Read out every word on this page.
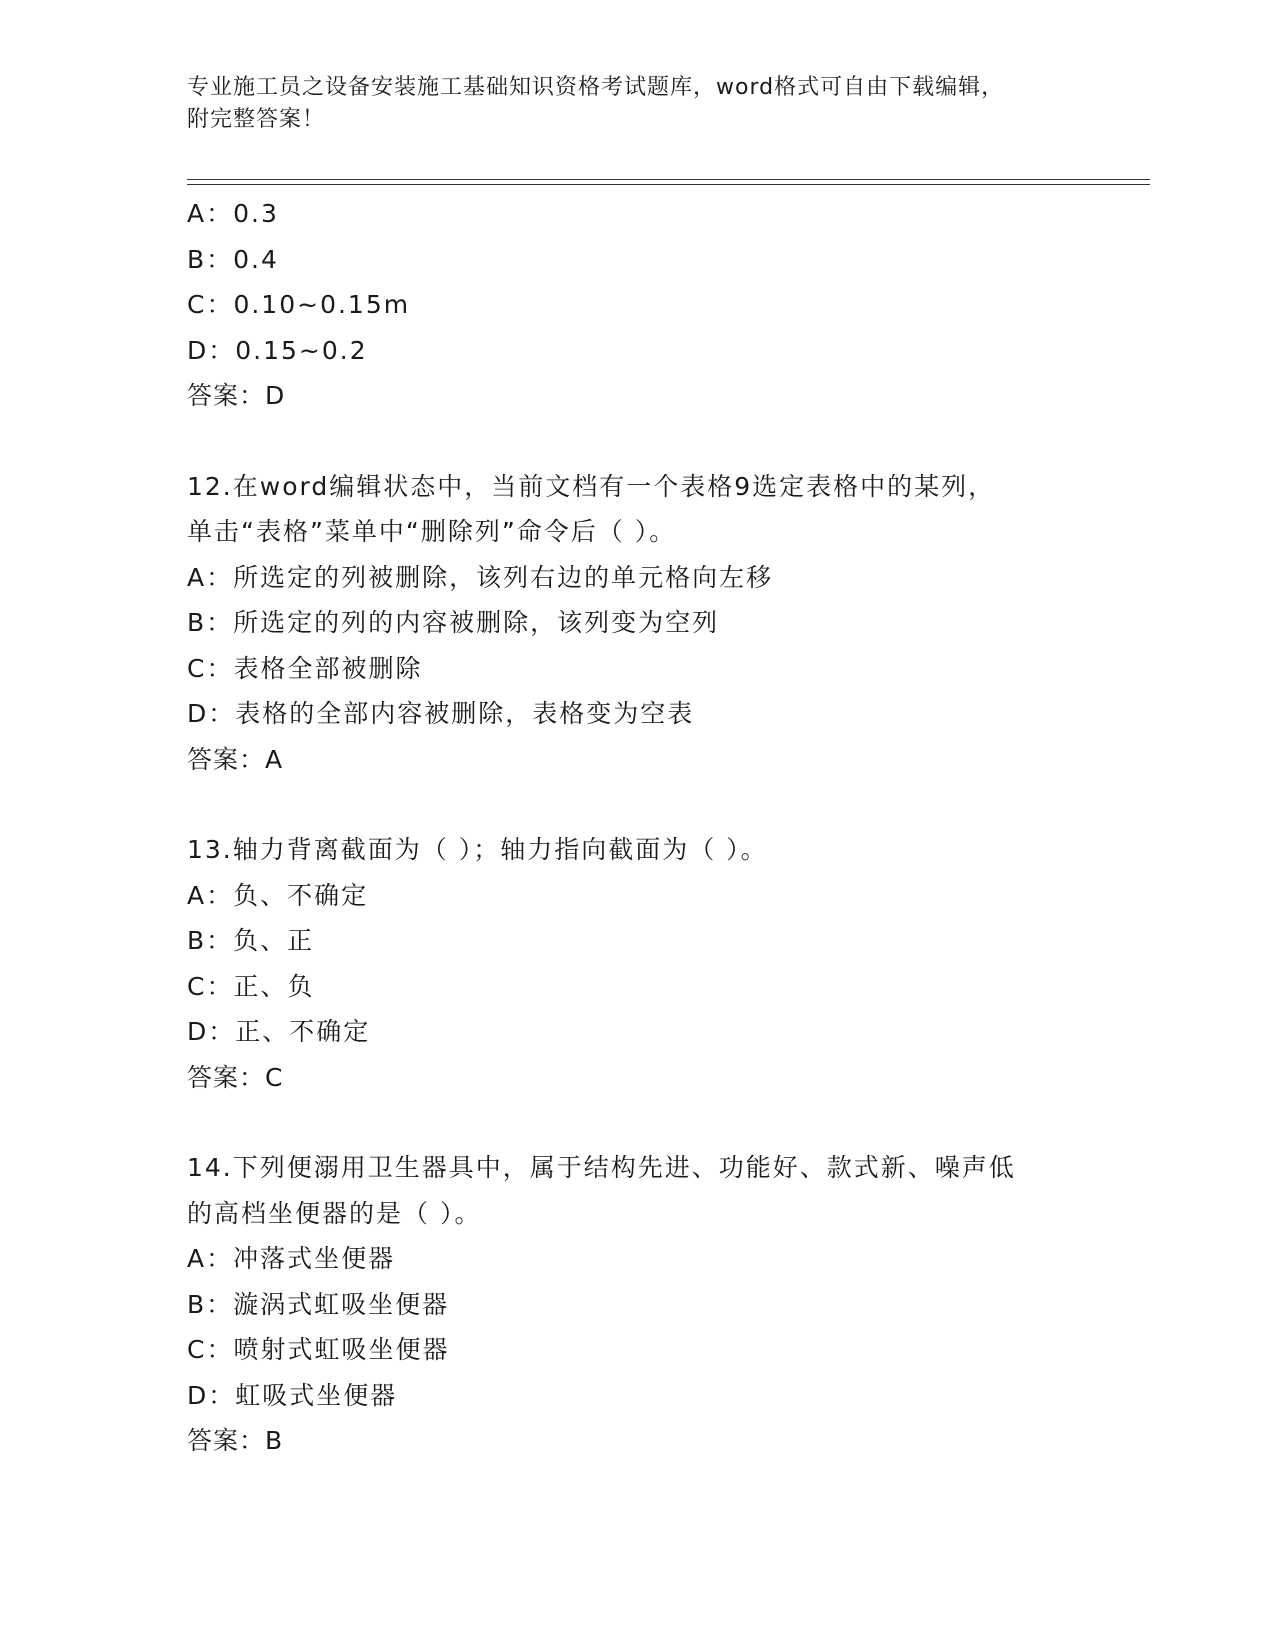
专业施工员之设备安装施工基础知识资格考试题库，word格式可自由下载编辑，
附完整答案！
A：0.3
B：0.4
C：0.10~0.15m
D：0.15~0.2
答案：D
12.在word编辑状态中，当前文档有一个表格9选定表格中的某列，
单击“表格”菜单中“删除列”命令后（ ）。
A：所选定的列被删除，该列右边的单元格向左移
B：所选定的列的内容被删除，该列变为空列
C：表格全部被删除
D：表格的全部内容被删除，表格变为空表
答案：A
13.轴力背离截面为（ ）；轴力指向截面为（ ）。
A：负、不确定
B：负、正
C：正、负
D：正、不确定
答案：C
14.下列便溺用卫生器具中，属于结构先进、功能好、款式新、噪声低
的高档坐便器的是（ ）。
A：冲落式坐便器
B：漩涡式虹吸坐便器
C：喷射式虹吸坐便器
D：虹吸式坐便器
答案：B
